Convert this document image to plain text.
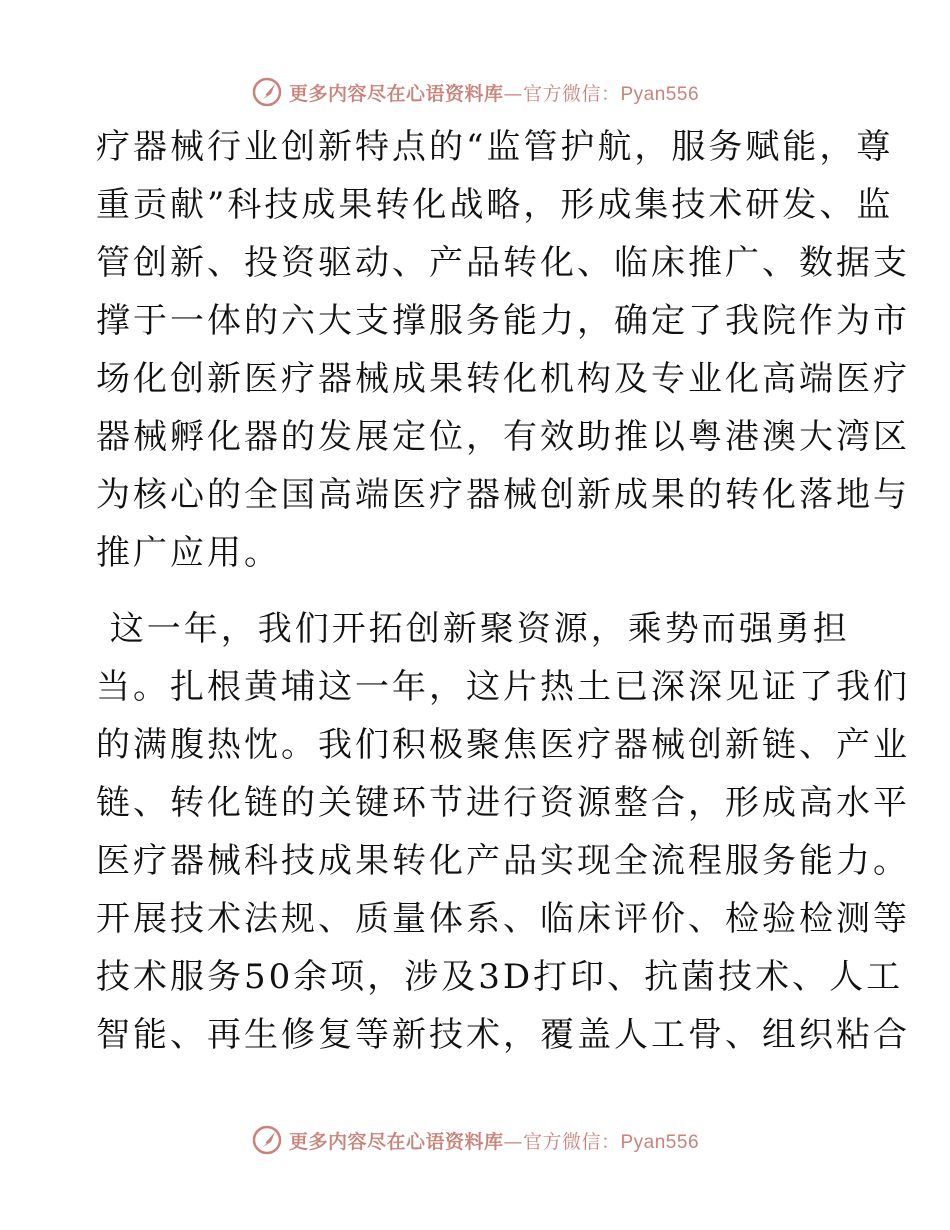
更多内容尽在心语资料库—官方微信：Pyan556
疗器械行业创新特点的“监管护航，服务赋能，尊
重贡献”科技成果转化战略，形成集技术研发、监
管创新、投资驱动、产品转化、临床推广、数据支
撑于一体的六大支撑服务能力，确定了我院作为市
场化创新医疗器械成果转化机构及专业化高端医疗
器械孵化器的发展定位，有效助推以粤港澳大湾区
为核心的全国高端医疗器械创新成果的转化落地与
推广应用。
这一年，我们开拓创新聚资源，乘势而强勇担
当。扎根黄埔这一年，这片热土已深深见证了我们
的满腹热忱。我们积极聚焦医疗器械创新链、产业
链、转化链的关键环节进行资源整合，形成高水平
医疗器械科技成果转化产品实现全流程服务能力。
开展技术法规、质量体系、临床评价、检验检测等
技术服务50余项，涉及3D打印、抗菌技术、人工
智能、再生修复等新技术，覆盖人工骨、组织粘合
更多内容尽在心语资料库—官方微信：Pyan556
